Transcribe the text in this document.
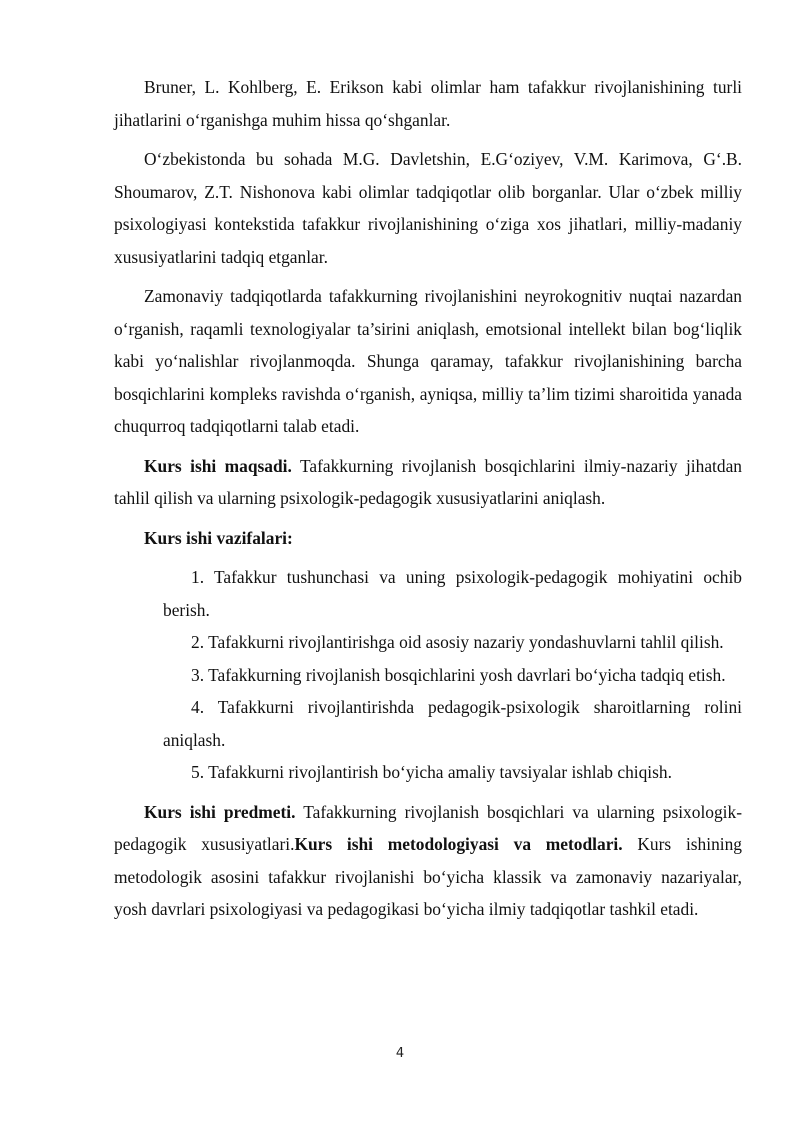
Bruner, L. Kohlberg, E. Erikson kabi olimlar ham tafakkur rivojlanishining turli jihatlarini o‘rganishga muhim hissa qo‘shganlar.

O‘zbekistonda bu sohada M.G. Davletshin, E.G‘oziyev, V.M. Karimova, G‘.B. Shoumarov, Z.T. Nishonova kabi olimlar tadqiqotlar olib borganlar. Ular o‘zbek milliy psixologiyasi kontekstida tafakkur rivojlanishining o‘ziga xos jihatlari, milliy-madaniy xususiyatlarini tadqiq etganlar.

Zamonaviy tadqiqotlarda tafakkurning rivojlanishini neyrokognitiv nuqtai nazardan o‘rganish, raqamli texnologiyalar ta’sirini aniqlash, emotsional intellekt bilan bog‘liqlik kabi yo‘nalishlar rivojlanmoqda. Shunga qaramay, tafakkur rivojlanishining barcha bosqichlarini kompleks ravishda o‘rganish, ayniqsa, milliy ta’lim tizimi sharoitida yanada chuqurroq tadqiqotlarni talab etadi.

Kurs ishi maqsadi. Tafakkurning rivojlanish bosqichlarini ilmiy-nazariy jihatdan tahlil qilish va ularning psixologik-pedagogik xususiyatlarini aniqlash.

Kurs ishi vazifalari:

1. Tafakkur tushunchasi va uning psixologik-pedagogik mohiyatini ochib berish.
2. Tafakkurni rivojlantirishga oid asosiy nazariy yondashuvlarni tahlil qilish.
3. Tafakkurning rivojlanish bosqichlarini yosh davrlari bo‘yicha tadqiq etish.
4. Tafakkurni rivojlantirishda pedagogik-psixologik sharoitlarning rolini aniqlash.
5. Tafakkurni rivojlantirish bo‘yicha amaliy tavsiyalar ishlab chiqish.

Kurs ishi predmeti. Tafakkurning rivojlanish bosqichlari va ularning psixologik-pedagogik xususiyatlari.Kurs ishi metodologiyasi va metodlari. Kurs ishining metodologik asosini tafakkur rivojlanishi bo‘yicha klassik va zamonaviy nazariyalar, yosh davrlari psixologiyasi va pedagogikasi bo‘yicha ilmiy tadqiqotlar tashkil etadi.

4
